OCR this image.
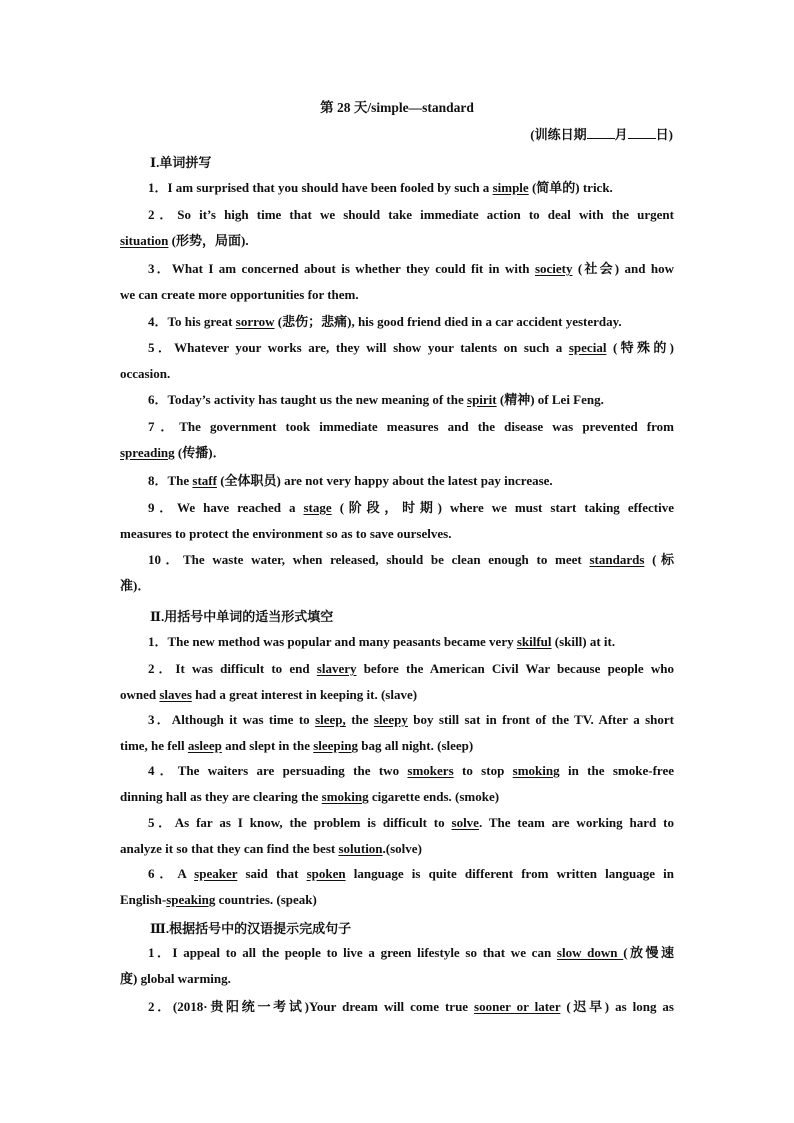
第 28 天/simple—standard
(训练日期 月 日)
Ⅰ.单词拼写
1．I am surprised that you should have been fooled by such a simple (简单的) trick.
2．So it’s high time that we should take immediate action to deal with the urgent
situation (形势，局面).
3．What I am concerned about is whether they could fit in with society (社会) and how
we can create more opportunities for them.
4．To his great sorrow (悲伤；悲痛), his good friend died in a car accident yesterday.
5．Whatever your works are, they will show your talents on such a special (特殊的)
occasion.
6．Today’s activity has taught us the new meaning of the spirit (精神) of Lei Feng.
7．The government took immediate measures and the disease was prevented from
spreading (传播)．
8．The staff (全体职员) are not very happy about the latest pay increase.
9．We have reached a stage (阶段，时期) where we must start taking effective
measures to protect the environment so as to save ourselves.
10．The waste water, when released, should be clean enough to meet standards (标
准)．
Ⅱ.用括号中单词的适当形式填空
1．The new method was popular and many peasants became very skilful (skill) at it.
2．It was difficult to end slavery before the American Civil War because people who
owned slaves had a great interest in keeping it. (slave)
3．Although it was time to sleep, the sleepy boy still sat in front of the TV. After a short
time, he fell asleep and slept in the sleeping bag all night. (sleep)
4．The waiters are persuading the two smokers to stop smoking in the smoke-free
dinning hall as they are clearing the smoking cigarette ends. (smoke)
5．As far as I know, the problem is difficult to solve. The team are working hard to
analyze it so that they can find the best solution.(solve)
6．A speaker said that spoken language is quite different from written language in
English-speaking countries. (speak)
Ⅲ.根据括号中的汉语提示完成句子
1．I appeal to all the people to live a green lifestyle so that we can slow down (放慢速
度) global warming.
2．(2018·贵阳统一考试)Your dream will come true sooner or later (迟早) as long as
